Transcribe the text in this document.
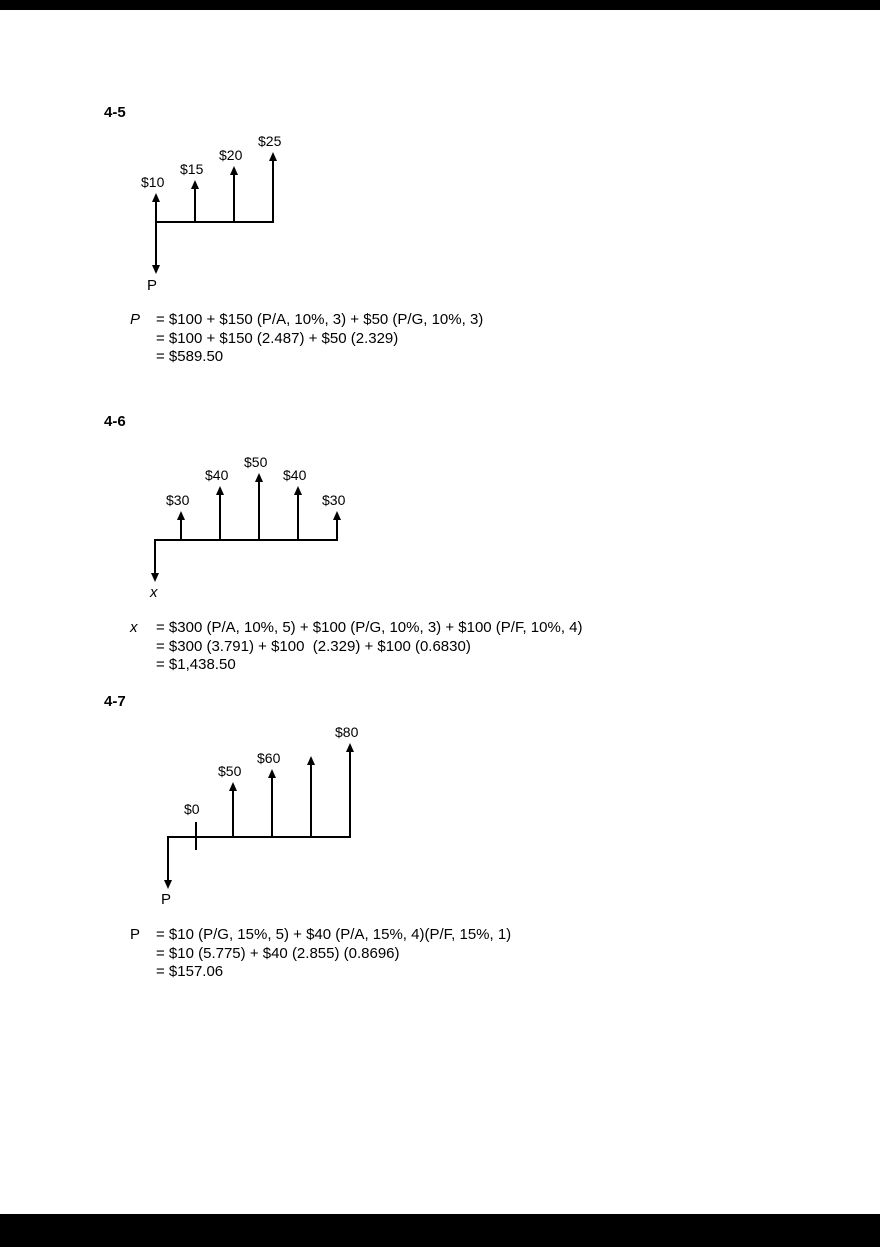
4-5
$10
$15
$20
$25
P
P = $100 + $150 (P/A, 10%, 3) + $50 (P/G, 10%, 3)
= $100 + $150 (2.487) + $50 (2.329)
= $589.50
4-6
$30
$40
$50
$40
$30
x
x = $300 (P/A, 10%, 5) + $100 (P/G, 10%, 3) + $100 (P/F, 10%, 4)
= $300 (3.791) + $100  (2.329) + $100 (0.6830)
= $1,438.50
4-7
$0
$50
$60
$80
P
P = $10 (P/G, 15%, 5) + $40 (P/A, 15%, 4)(P/F, 15%, 1)
= $10 (5.775) + $40 (2.855) (0.8696)
= $157.06
